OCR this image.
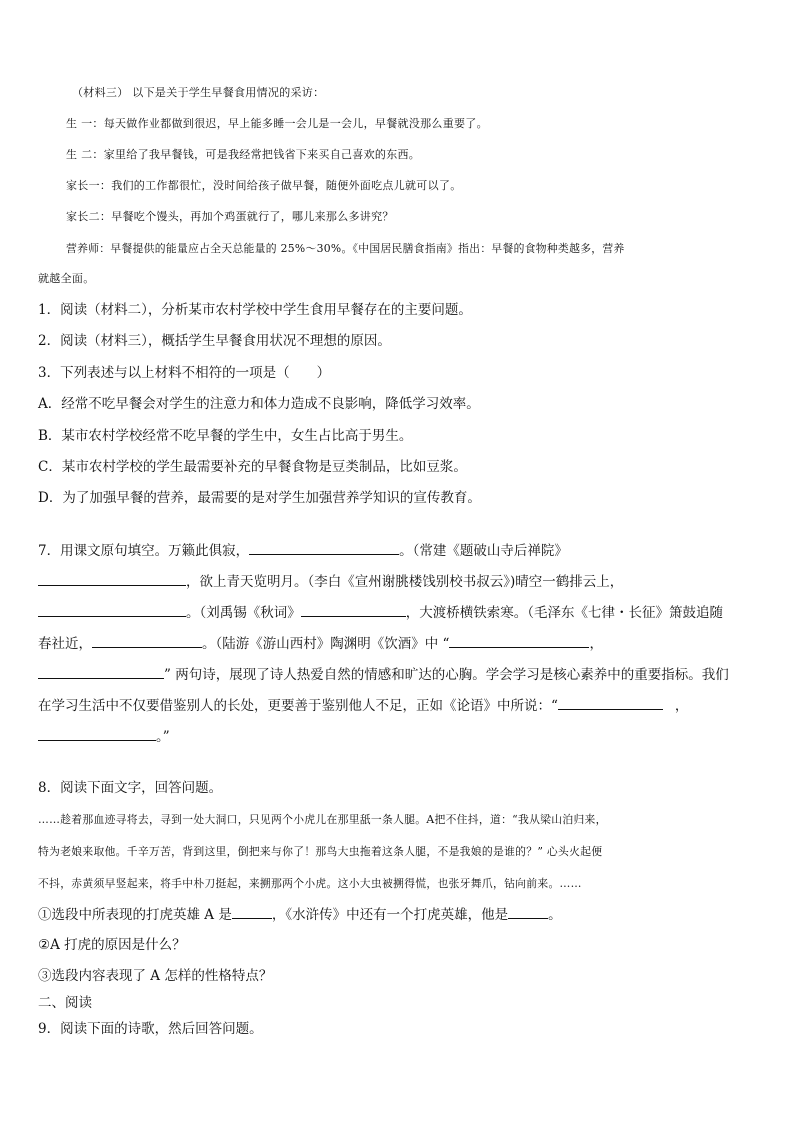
（材料三） 以下是关于学生早餐食用情况的采访：
生 一：每天做作业都做到很迟，早上能多睡一会儿是一会儿，早餐就没那么重要了。
生 二：家里给了我早餐钱，可是我经常把钱省下来买自己喜欢的东西。
家长一：我们的工作都很忙，没时间给孩子做早餐，随便外面吃点儿就可以了。
家长二：早餐吃个馒头，再加个鸡蛋就行了，哪儿来那么多讲究？
营养师：早餐提供的能量应占全天总能量的 25%～30%。《中国居民膳食指南》指出：早餐的食物种类越多，营养
就越全面。
1．阅读（材料二），分析某市农村学校中学生食用早餐存在的主要问题。
2．阅读（材料三），概括学生早餐食用状况不理想的原因。
3．下列表述与以上材料不相符的一项是（　　）
A．经常不吃早餐会对学生的注意力和体力造成不良影响，降低学习效率。
B．某市农村学校经常不吃早餐的学生中，女生占比高于男生。
C．某市农村学校的学生最需要补充的早餐食物是豆类制品，比如豆浆。
D．为了加强早餐的营养，最需要的是对学生加强营养学知识的宣传教育。
7．用课文原句填空。万籁此俱寂，	。（常建《题破山寺后禅院》
，欲上青天览明月。（李白《宣州谢朓楼饯别校书叔云》)晴空一鹤排云上，
。（刘禹锡《秋词》	，大渡桥横铁索寒。（毛泽东《七律・长征》箫鼓追随
春社近，	。（陆游《游山西村》陶渊明《饮酒》中 “	，
” 两句诗，展现了诗人热爱自然的情感和旷达的心胸。学会学习是核心素养中的重要指标。我们
在学习生活中不仅要借鉴别人的长处，更要善于鉴别他人不足，正如《论语》中所说：“	，
。”
8．阅读下面文字，回答问题。
……趁着那血迹寻将去，寻到一处大洞口，只见两个小虎儿在那里舐一条人腿。A把不住抖，道：“我从梁山泊归来，
特为老娘来取他。千辛万苦，背到这里，倒把来与你了！那鸟大虫拖着这条人腿，不是我娘的是谁的？” 心头火起便
不抖，赤黄须早竖起来，将手中朴刀挺起，来搠那两个小虎。这小大虫被搠得慌，也张牙舞爪，钻向前来。……
①选段中所表现的打虎英雄 A 是	，《水浒传》中还有一个打虎英雄，他是	。
②A 打虎的原因是什么？
③选段内容表现了 A 怎样的性格特点？
二、阅读
9．阅读下面的诗歌，然后回答问题。
